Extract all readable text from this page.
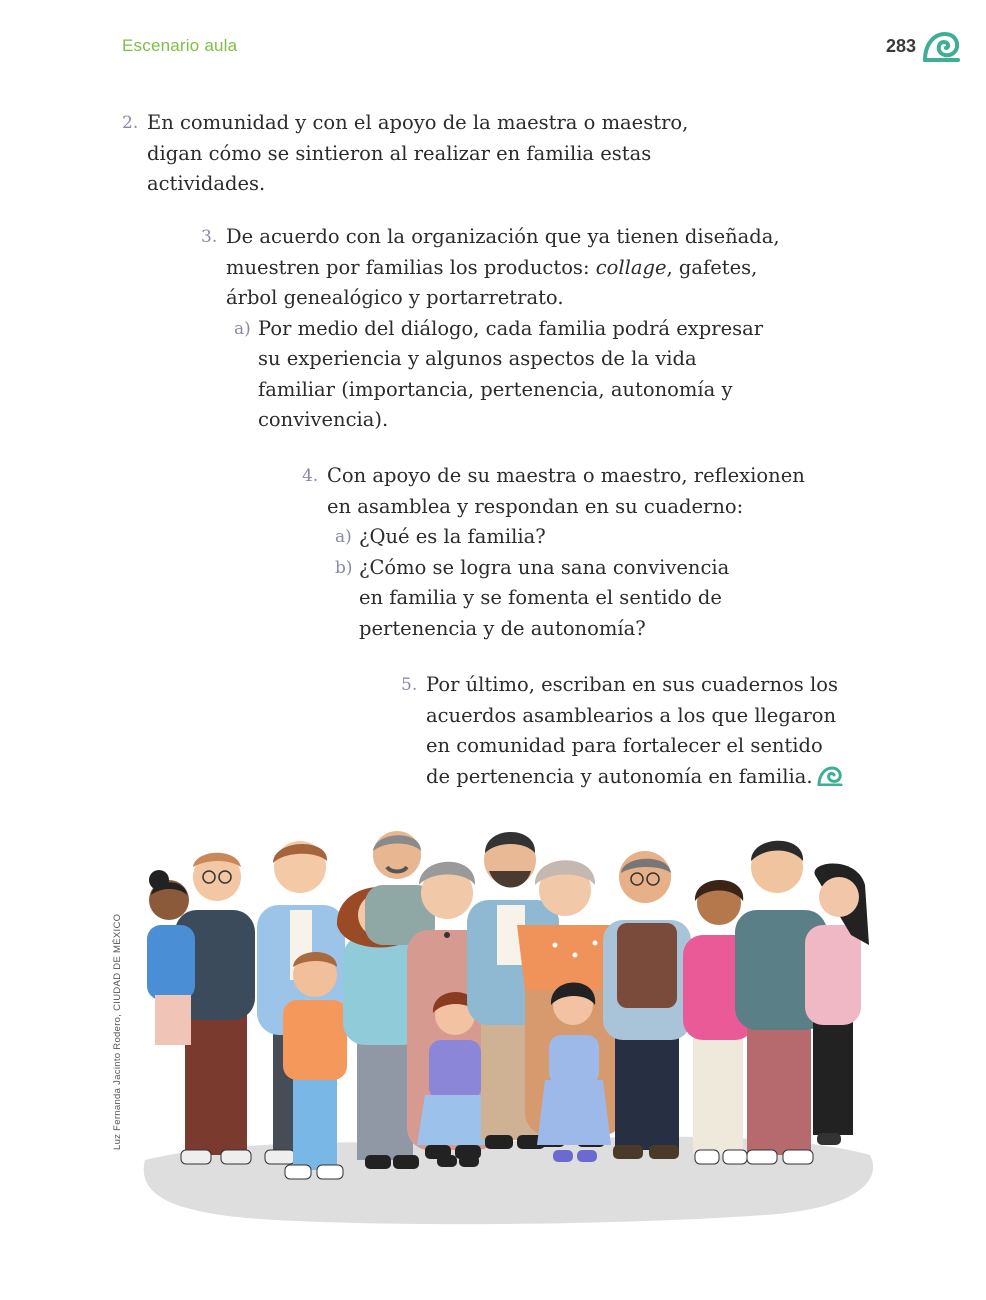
Escenario aula	283
2. En comunidad y con el apoyo de la maestra o maestro,
digan cómo se sintieron al realizar en familia estas
actividades.
3. De acuerdo con la organización que ya tienen diseñada,
muestren por familias los productos: collage, gafetes,
árbol genealógico y portarretrato.
a) Por medio del diálogo, cada familia podrá expresar
su experiencia y algunos aspectos de la vida
familiar (importancia, pertenencia, autonomía y
convivencia).
4. Con apoyo de su maestra o maestro, reflexionen
en asamblea y respondan en su cuaderno:
a) ¿Qué es la familia?
b) ¿Cómo se logra una sana convivencia
en familia y se fomenta el sentido de
pertenencia y de autonomía?
5. Por último, escriban en sus cuadernos los
acuerdos asamblearios a los que llegaron
en comunidad para fortalecer el sentido
de pertenencia y autonomía en familia.
Luz Fernanda Jacinto Rodero, CIUDAD DE MÉXICO
